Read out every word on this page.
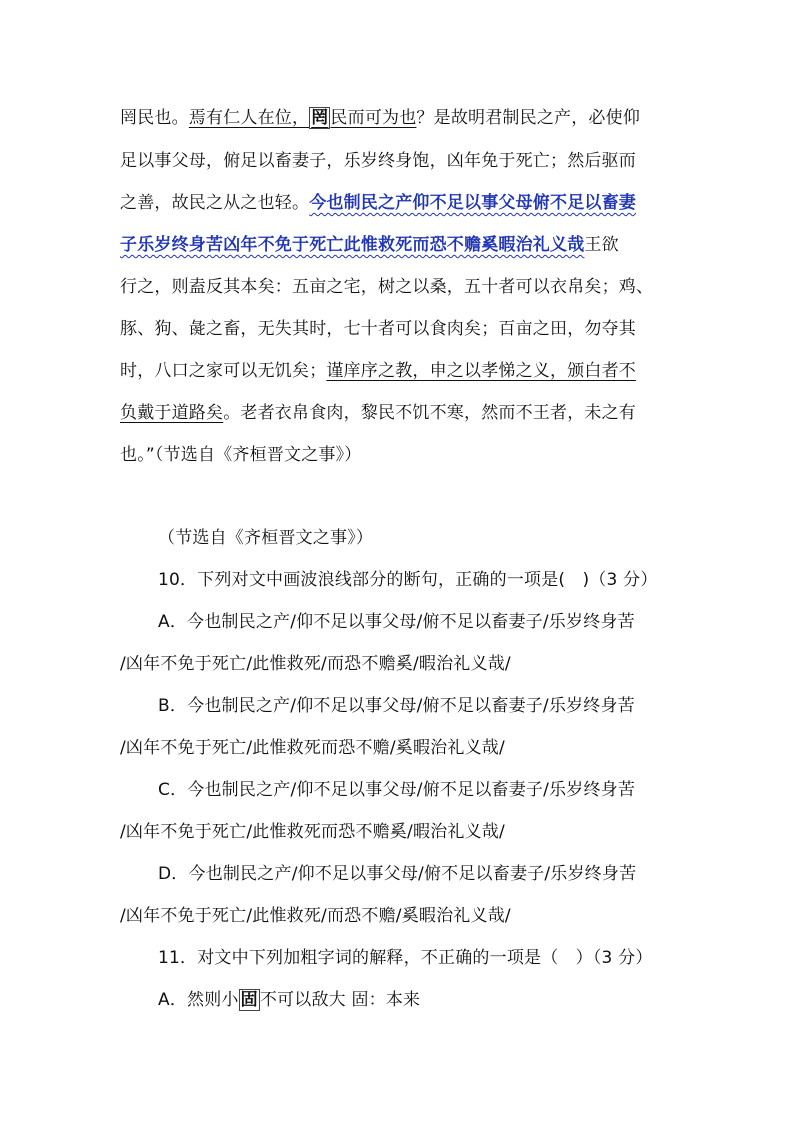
罔民也。焉有仁人在位， 罔 民而可为也？是故明君制民之产，必使仰
足以事父母，俯足以畜妻子，乐岁终身饱，凶年免于死亡；然后驱而
之善，故民之从之也轻。今也制民之产仰不足以事父母俯不足以畜妻
子乐岁终身苦凶年不免于死亡此惟救死而恐不赡奚暇治礼义哉王欲
行之，则盍反其本矣：五亩之宅，树之以桑，五十者可以衣帛矣；鸡、
豚、狗、彘之畜，无失其时，七十者可以食肉矣；百亩之田，勿夺其
时，八口之家可以无饥矣；谨庠序之教，申之以孝悌之义，颁白者不
负戴于道路矣。老者衣帛食肉，黎民不饥不寒，然而不王者，未之有
也。”（节选自《齐桓晋文之事》）
（节选自《齐桓晋文之事》）
10．下列对文中画波浪线部分的断句，正确的一项是(　)（3 分）
A．今也制民之产/仰不足以事父母/俯不足以畜妻子/乐岁终身苦
/凶年不免于死亡/此惟救死/而恐不赡奚/暇治礼义哉/
B．今也制民之产/仰不足以事父母/俯不足以畜妻子/乐岁终身苦
/凶年不免于死亡/此惟救死而恐不赡/奚暇治礼义哉/
C．今也制民之产/仰不足以事父母/俯不足以畜妻子/乐岁终身苦
/凶年不免于死亡/此惟救死而恐不赡奚/暇治礼义哉/
D．今也制民之产/仰不足以事父母/俯不足以畜妻子/乐岁终身苦
/凶年不免于死亡/此惟救死/而恐不赡/奚暇治礼义哉/
11．对文中下列加粗字词的解释，不正确的一项是（　）（3 分）
A．然则小 固 不可以敌大 固：本来
